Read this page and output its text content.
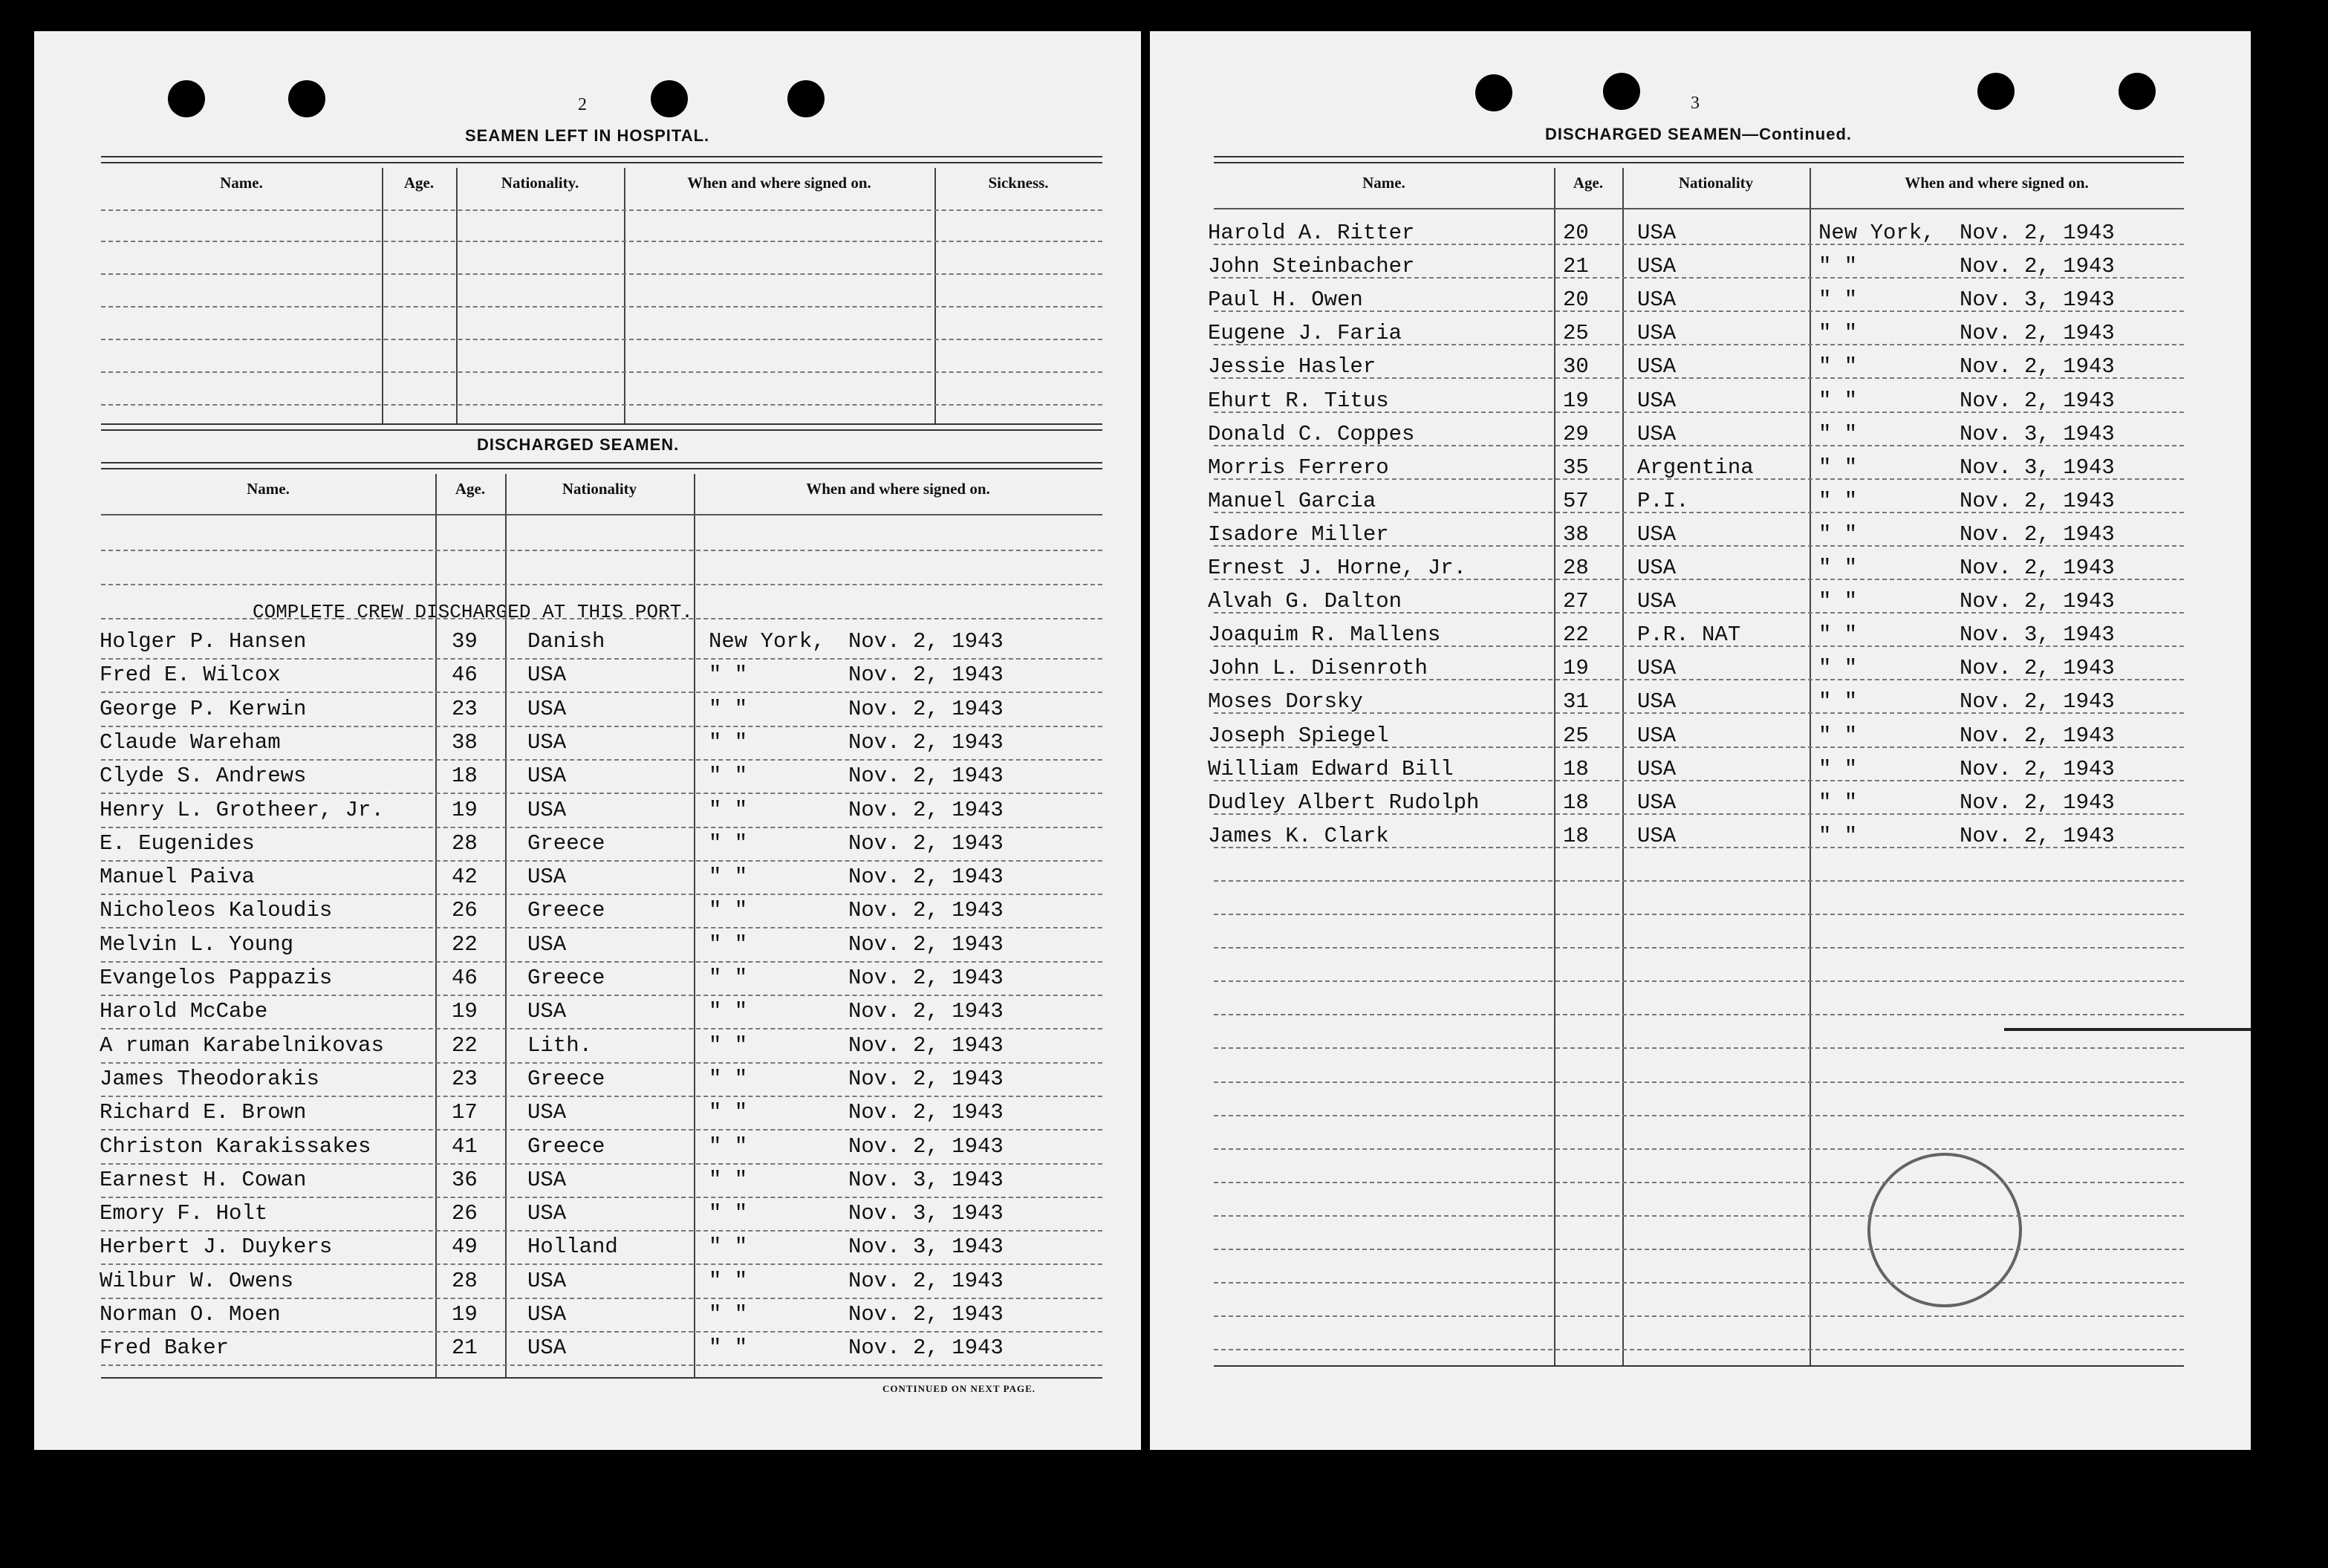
2
SEAMEN LEFT IN HOSPITAL.
DISCHARGED SEAMEN.
COMPLETE CREW DISCHARGED AT THIS PORT.
CONTINUED ON NEXT PAGE.
Name.	Age.	Nationality.	When and where signed on.	Sickness.
Name.	Age.	Nationality	When and where signed on.
Holger P. Hansen	39 Danish	New York, Nov. 2, 1943
Fred E. Wilcox	46 USA	" "	Nov. 2, 1943
George P. Kerwin	23 USA	" "	Nov. 2, 1943
Claude Wareham	38 USA	" "	Nov. 2, 1943
Clyde S. Andrews	18 USA	" "	Nov. 2, 1943
Henry L. Grotheer, Jr.	19 USA	" "	Nov. 2, 1943
E. Eugenides	28 Greece	" "	Nov. 2, 1943
Manuel Paiva	42 USA	" "	Nov. 2, 1943
Nicholeos Kaloudis	26 Greece	" "	Nov. 2, 1943
Melvin L. Young	22 USA	" "	Nov. 2, 1943
Evangelos Pappazis	46 Greece	" "	Nov. 2, 1943
Harold McCabe	19 USA	" "	Nov. 2, 1943
A ruman Karabelnikovas	22 Lith.	" "	Nov. 2, 1943
James Theodorakis	23 Greece	" "	Nov. 2, 1943
Richard E. Brown	17 USA	" "	Nov. 2, 1943
Christon Karakissakes	41 Greece	" "	Nov. 2, 1943
Earnest H. Cowan	36 USA	" "	Nov. 3, 1943
Emory F. Holt	26 USA	" "	Nov. 3, 1943
Herbert J. Duykers	49 Holland	" "	Nov. 3, 1943
Wilbur W. Owens	28 USA	" "	Nov. 2, 1943
Norman O. Moen	19 USA	" "	Nov. 2, 1943
Fred Baker	21 USA	" "	Nov. 2, 1943
3
DISCHARGED SEAMEN—Continued.
Name.	Age.	Nationality	When and where signed on.
Harold A. Ritter	20 USA	New York, Nov. 2, 1943
John Steinbacher	21 USA	" "	Nov. 2, 1943
Paul H. Owen	20 USA	" "	Nov. 3, 1943
Eugene J. Faria	25 USA	" "	Nov. 2, 1943
Jessie Hasler	30 USA	" "	Nov. 2, 1943
Ehurt R. Titus	19 USA	" "	Nov. 2, 1943
Donald C. Coppes	29 USA	" "	Nov. 3, 1943
Morris Ferrero	35 Argentina	" "	Nov. 3, 1943
Manuel Garcia	57 P.I.	" "	Nov. 2, 1943
Isadore Miller	38 USA	" "	Nov. 2, 1943
Ernest J. Horne, Jr.	28 USA	" "	Nov. 2, 1943
Alvah G. Dalton	27 USA	" "	Nov. 2, 1943
Joaquim R. Mallens	22 P.R. NAT	" "	Nov. 3, 1943
John L. Disenroth	19 USA	" "	Nov. 2, 1943
Moses Dorsky	31 USA	" "	Nov. 2, 1943
Joseph Spiegel	25 USA	" "	Nov. 2, 1943
William Edward Bill	18 USA	" "	Nov. 2, 1943
Dudley Albert Rudolph	18 USA	" "	Nov. 2, 1943
James K. Clark	18 USA	" "	Nov. 2, 1943
